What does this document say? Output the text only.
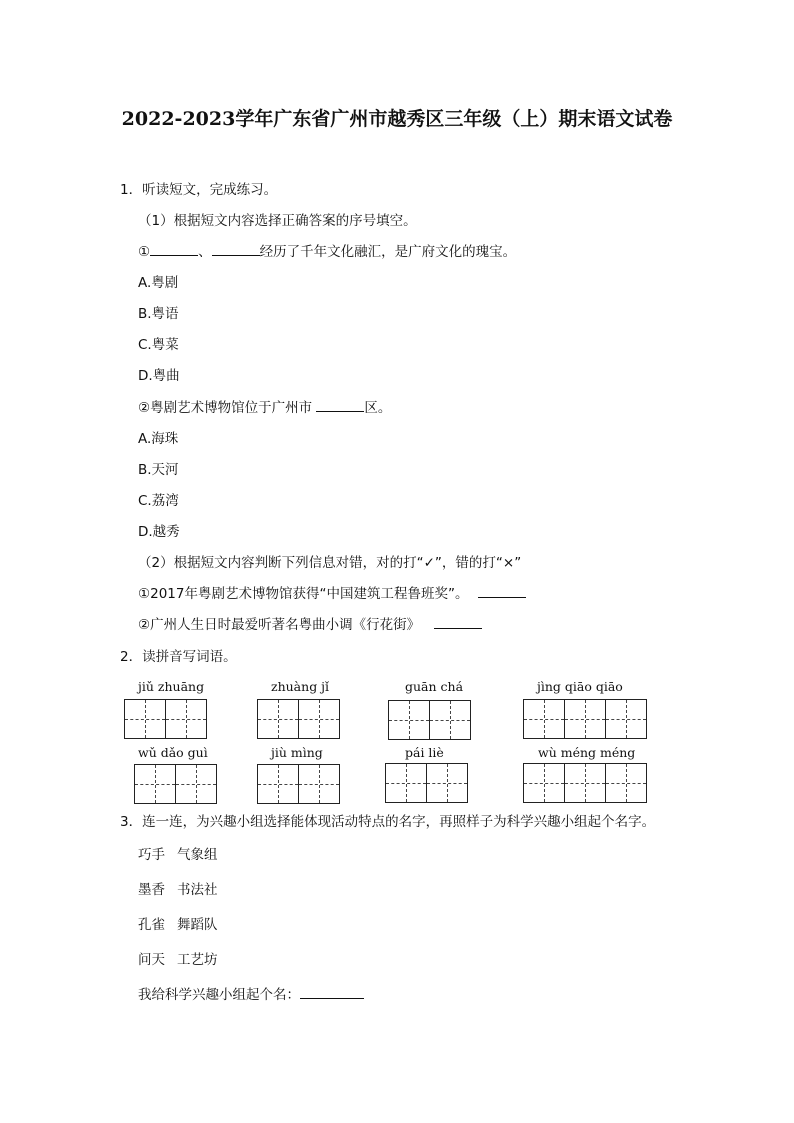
2022-2023学年广东省广州市越秀区三年级（上）期末语文试卷
1．听读短文，完成练习。
（1）根据短文内容选择正确答案的序号填空。
①	、	经历了千年文化融汇，是广府文化的瑰宝。
A.粤剧
B.粤语
C.粤菜
D.粤曲
②粤剧艺术博物馆位于广州市	区。
A.海珠
B.天河
C.荔湾
D.越秀
（2）根据短文内容判断下列信息对错，对的打“✓”，错的打“×”
①2017年粤剧艺术博物馆获得“中国建筑工程鲁班奖”。
②广州人生日时最爱听著名粤曲小调《行花街》
2．读拼音写词语。
jiǔ zhuāng	zhuàng jǐ	guān chá	jìng qiāo qiāo
wǔ dǎo guì	jiù mìng	pái liè	wù méng méng
3．连一连，为兴趣小组选择能体现活动特点的名字，再照样子为科学兴趣小组起个名字。
巧手 气象组
墨香 书法社
孔雀 舞蹈队
问天 工艺坊
我给科学兴趣小组起个名：
